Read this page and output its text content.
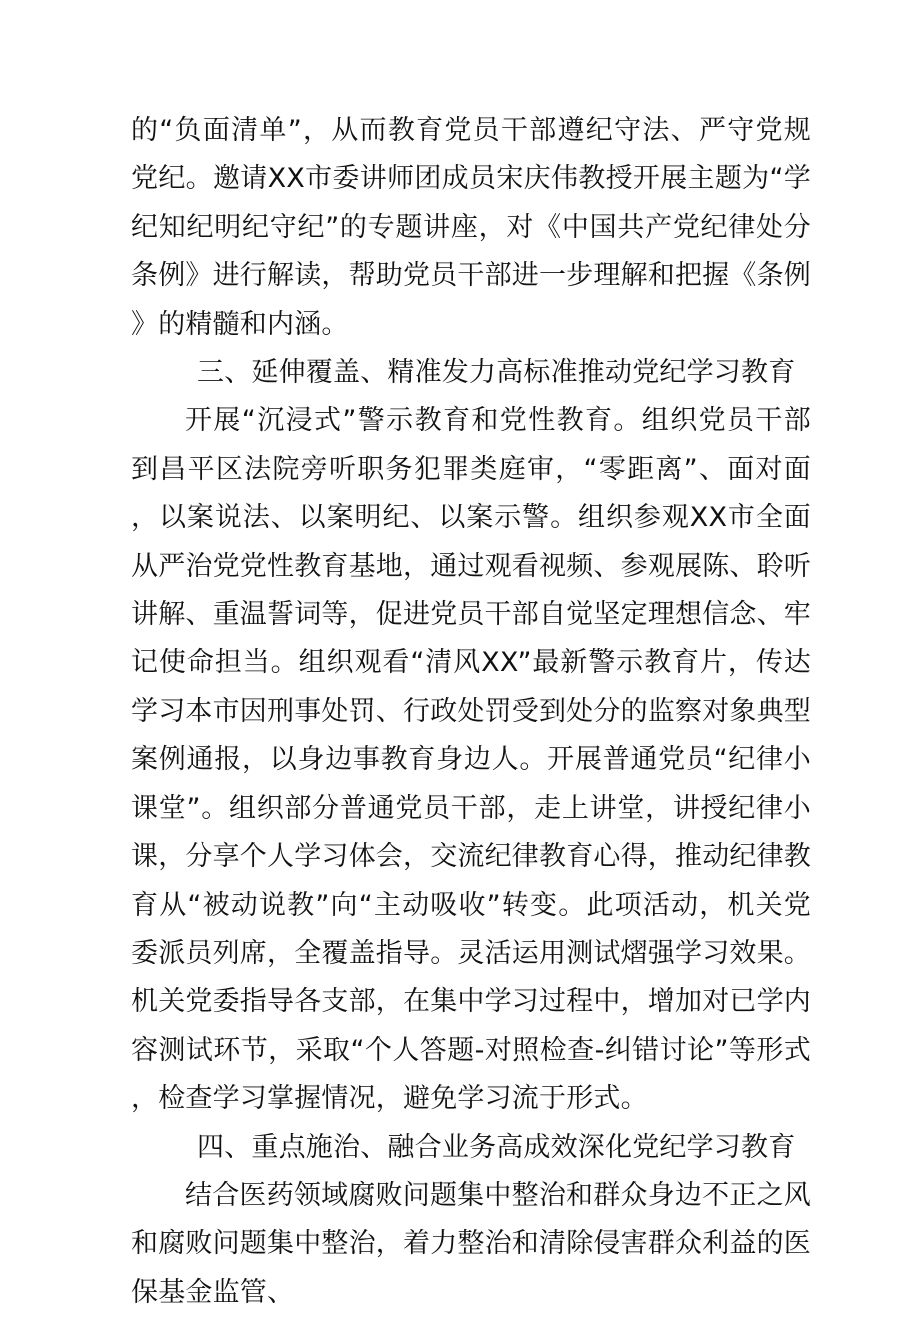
的“负面清单”，从而教育党员干部遵纪守法、严守党规党纪。邀请XX市委讲师团成员宋庆伟教授开展主题为“学纪知纪明纪守纪”的专题讲座，对《中国共产党纪律处分条例》进行解读，帮助党员干部进一步理解和把握《条例》的精髓和内涵。

三、延伸覆盖、精准发力高标准推动党纪学习教育

开展“沉浸式”警示教育和党性教育。组织党员干部到昌平区法院旁听职务犯罪类庭审，“零距离”、面对面，以案说法、以案明纪、以案示警。组织参观XX市全面从严治党党性教育基地，通过观看视频、参观展陈、聆听讲解、重温誓词等，促进党员干部自觉坚定理想信念、牢记使命担当。组织观看“清风XX”最新警示教育片，传达学习本市因刑事处罚、行政处罚受到处分的监察对象典型案例通报，以身边事教育身边人。开展普通党员“纪律小课堂”。组织部分普通党员干部，走上讲堂，讲授纪律小课，分享个人学习体会，交流纪律教育心得，推动纪律教育从“被动说教”向“主动吸收”转变。此项活动，机关党委派员列席，全覆盖指导。灵活运用测试熠强学习效果。机关党委指导各支部，在集中学习过程中，增加对已学内容测试环节，采取“个人答题-对照检查-纠错讨论”等形式，检查学习掌握情况，避免学习流于形式。

四、重点施治、融合业务高成效深化党纪学习教育

结合医药领域腐败问题集中整治和群众身边不正之风和腐败问题集中整治，着力整治和清除侵害群众利益的医保基金监管、
